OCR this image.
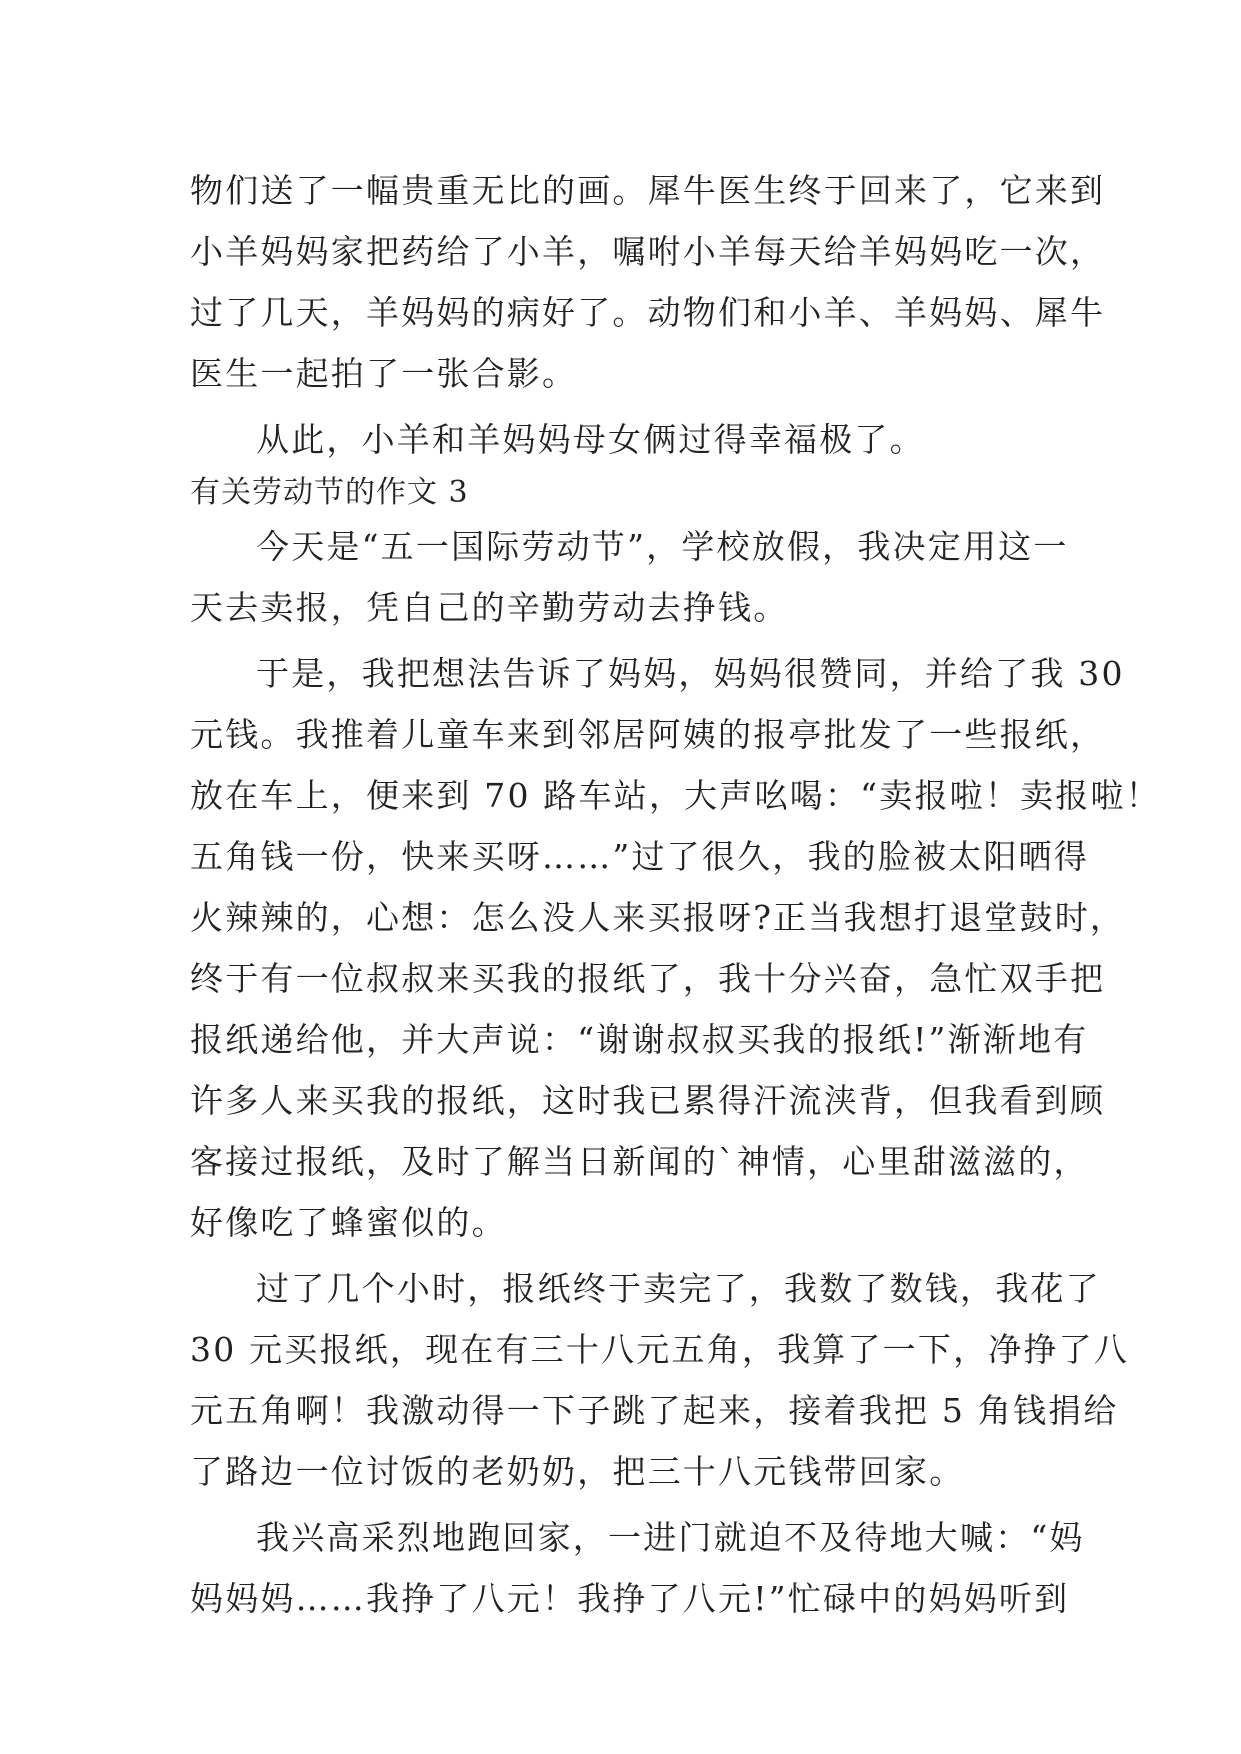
物们送了一幅贵重无比的画。犀牛医生终于回来了，它来到
小羊妈妈家把药给了小羊，嘱咐小羊每天给羊妈妈吃一次，
过了几天，羊妈妈的病好了。动物们和小羊、羊妈妈、犀牛
医生一起拍了一张合影。
从此，小羊和羊妈妈母女俩过得幸福极了。
有关劳动节的作文 3
今天是“五一国际劳动节”，学校放假，我决定用这一
天去卖报，凭自己的辛勤劳动去挣钱。
于是，我把想法告诉了妈妈，妈妈很赞同，并给了我 30
元钱。我推着儿童车来到邻居阿姨的报亭批发了一些报纸，
放在车上，便来到 70 路车站，大声吆喝：“卖报啦！卖报啦！
五角钱一份，快来买呀……”过了很久，我的脸被太阳晒得
火辣辣的，心想：怎么没人来买报呀?正当我想打退堂鼓时，
终于有一位叔叔来买我的报纸了，我十分兴奋，急忙双手把
报纸递给他，并大声说：“谢谢叔叔买我的报纸!”渐渐地有
许多人来买我的报纸，这时我已累得汗流浃背，但我看到顾
客接过报纸，及时了解当日新闻的`神情，心里甜滋滋的，
好像吃了蜂蜜似的。
过了几个小时，报纸终于卖完了，我数了数钱，我花了
30 元买报纸，现在有三十八元五角，我算了一下，净挣了八
元五角啊！我激动得一下子跳了起来，接着我把 5 角钱捐给
了路边一位讨饭的老奶奶，把三十八元钱带回家。
我兴高采烈地跑回家，一进门就迫不及待地大喊：“妈
妈妈妈……我挣了八元！我挣了八元!”忙碌中的妈妈听到
